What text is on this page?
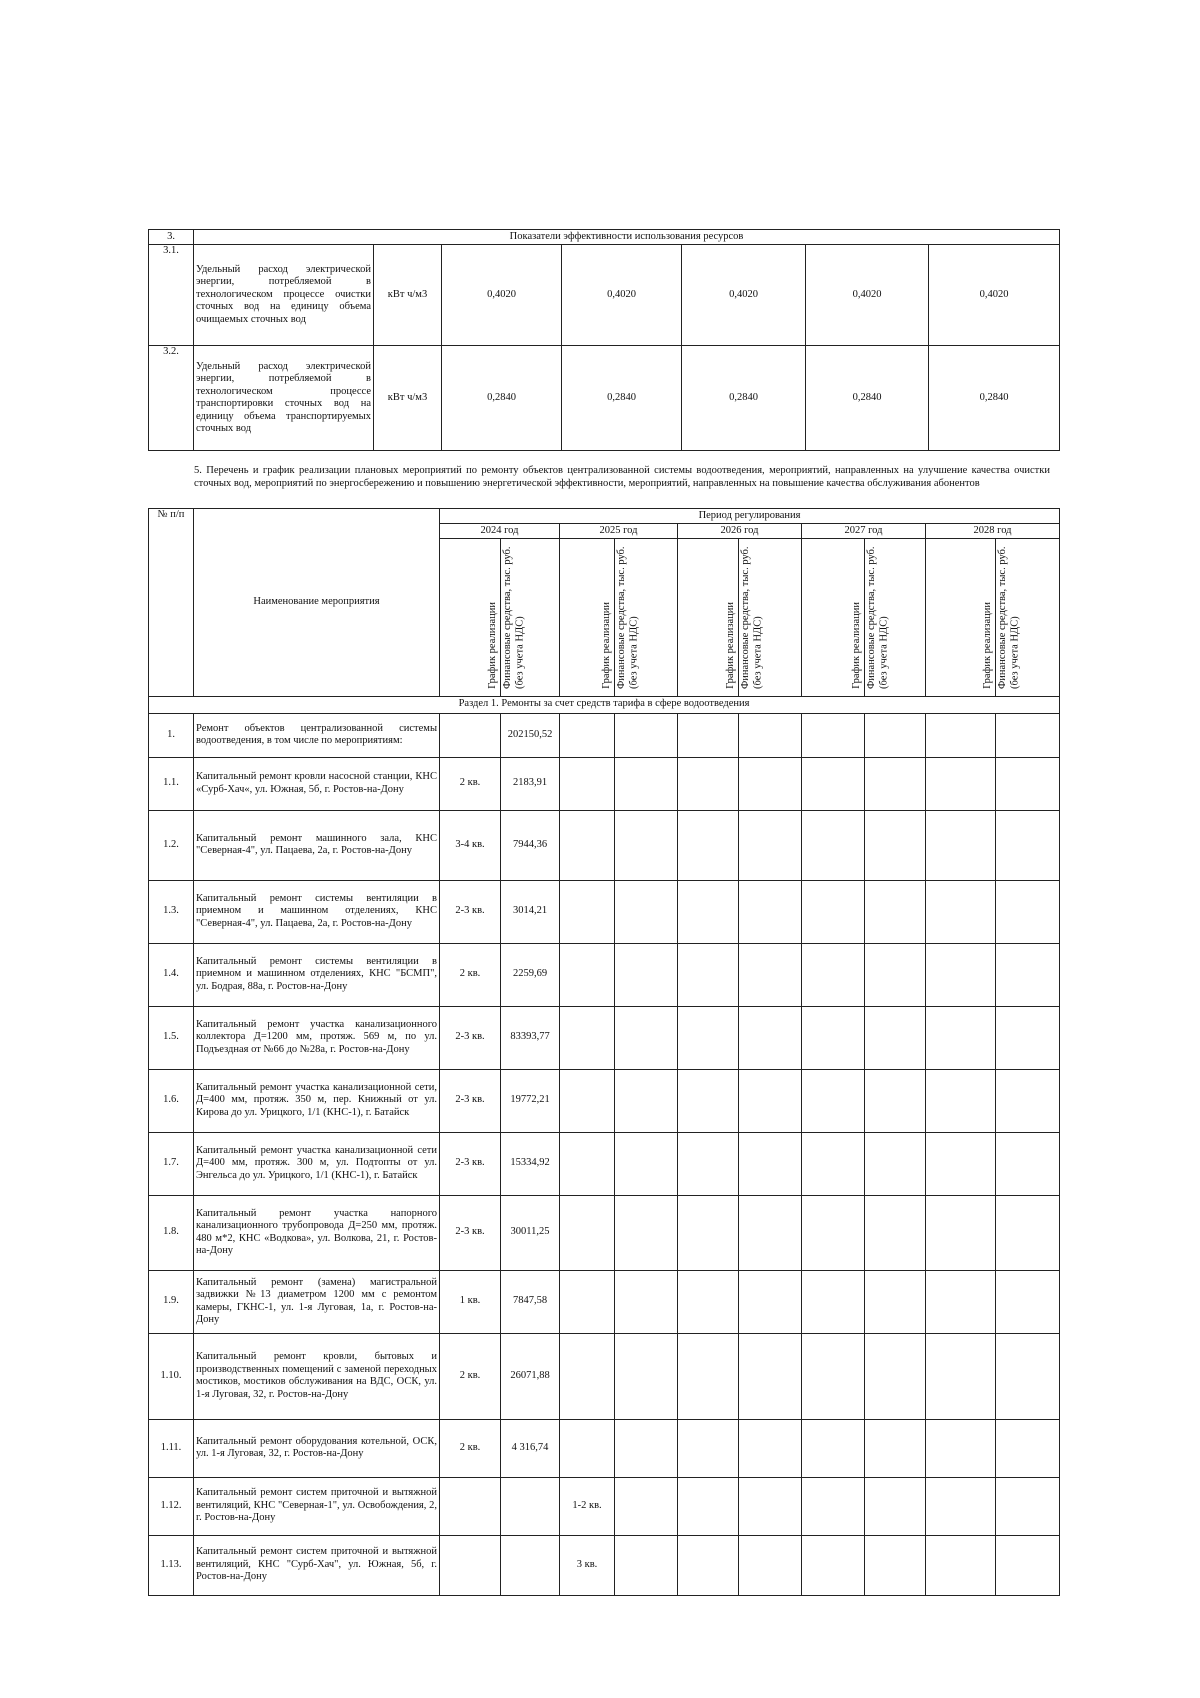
3.	Показатели эффективности использования ресурсов						
3.1.	Удельный расход электрической энергии, потребляемой в технологическом процессе очистки сточных вод на единицу объема очищаемых сточных вод	кВт ч/м3	0,4020	0,4020	0,4020	0,4020	0,4020
3.2.	Удельный расход электрической энергии, потребляемой в технологическом процессе транспортировки сточных вод на единицу объема транспортируемых сточных вод	кВт ч/м3	0,2840	0,2840	0,2840	0,2840	0,2840

5. Перечень и график реализации плановых мероприятий по ремонту объектов централизованной системы водоотведения, мероприятий, направленных на улучшение качества очистки сточных вод, мероприятий по энергосбережению и повышению энергетической эффективности, мероприятий, направленных на повышение качества обслуживания абонентов

№ п/п	Наименование мероприятия	Период регулирования									
		2024 год		2025 год		2026 год		2027 год		2028 год	
		График реализации	Финансовые средства, тыс. руб. (без учета НДС)	График реализации	Финансовые средства, тыс. руб. (без учета НДС)	График реализации	Финансовые средства, тыс. руб. (без учета НДС)	График реализации	Финансовые средства, тыс. руб. (без учета НДС)	График реализации	Финансовые средства, тыс. руб. (без учета НДС)
Раздел 1. Ремонты за счет средств тарифа в сфере водоотведения											
1.	Ремонт объектов централизованной системы водоотведения, в том числе по мероприятиям:		202150,52								
1.1.	Капитальный ремонт кровли насосной станции, КНС «Сурб-Хач«, ул. Южная, 5б, г. Ростов-на-Дону	2 кв.	2183,91								
1.2.	Капитальный ремонт машинного зала, КНС "Северная-4", ул. Пацаева, 2а, г. Ростов-на-Дону	3-4 кв.	7944,36								
1.3.	Капитальный ремонт системы вентиляции в приемном и машинном отделениях, КНС "Северная-4", ул. Пацаева, 2а, г. Ростов-на-Дону	2-3 кв.	3014,21								
1.4.	Капитальный ремонт системы вентиляции в приемном и машинном отделениях, КНС "БСМП", ул. Бодрая, 88а, г. Ростов-на-Дону	2 кв.	2259,69								
1.5.	Капитальный ремонт участка канализационного коллектора Д=1200 мм, протяж. 569 м, по ул. Подъездная от №66 до №28а, г. Ростов-на-Дону	2-3 кв.	83393,77								
1.6.	Капитальный ремонт участка канализационной сети, Д=400 мм, протяж. 350 м, пер. Книжный от ул. Кирова до ул. Урицкого, 1/1 (КНС-1), г. Батайск	2-3 кв.	19772,21								
1.7.	Капитальный ремонт участка канализационной сети Д=400 мм, протяж. 300 м, ул. Подтопты от ул. Энгельса до ул. Урицкого, 1/1 (КНС-1), г. Батайск	2-3 кв.	15334,92								
1.8.	Капитальный ремонт участка напорного канализационного трубопровода Д=250 мм, протяж. 480 м*2, КНС «Водкова», ул. Волкова, 21, г. Ростов-на-Дону	2-3 кв.	30011,25								
1.9.	Капитальный ремонт (замена) магистральной задвижки №13 диаметром 1200 мм с ремонтом камеры, ГКНС-1, ул. 1-я Луговая, 1а, г. Ростов-на-Дону	1 кв.	7847,58								
1.10.	Капитальный ремонт кровли, бытовых и производственных помещений с заменой переходных мостиков, мостиков обслуживания на ВДС, ОСК, ул. 1-я Луговая, 32, г. Ростов-на-Дону	2 кв.	26071,88								
1.11.	Капитальный ремонт оборудования котельной, ОСК, ул. 1-я Луговая, 32, г. Ростов-на-Дону	2 кв.	4 316,74								
1.12.	Капитальный ремонт систем приточной и вытяжной вентиляций, КНС "Северная-1", ул. Освобождения, 2, г. Ростов-на-Дону			1-2 кв.							
1.13.	Капитальный ремонт систем приточной и вытяжной вентиляций, КНС "Сурб-Хач", ул. Южная, 5б, г. Ростов-на-Дону			3 кв.							
